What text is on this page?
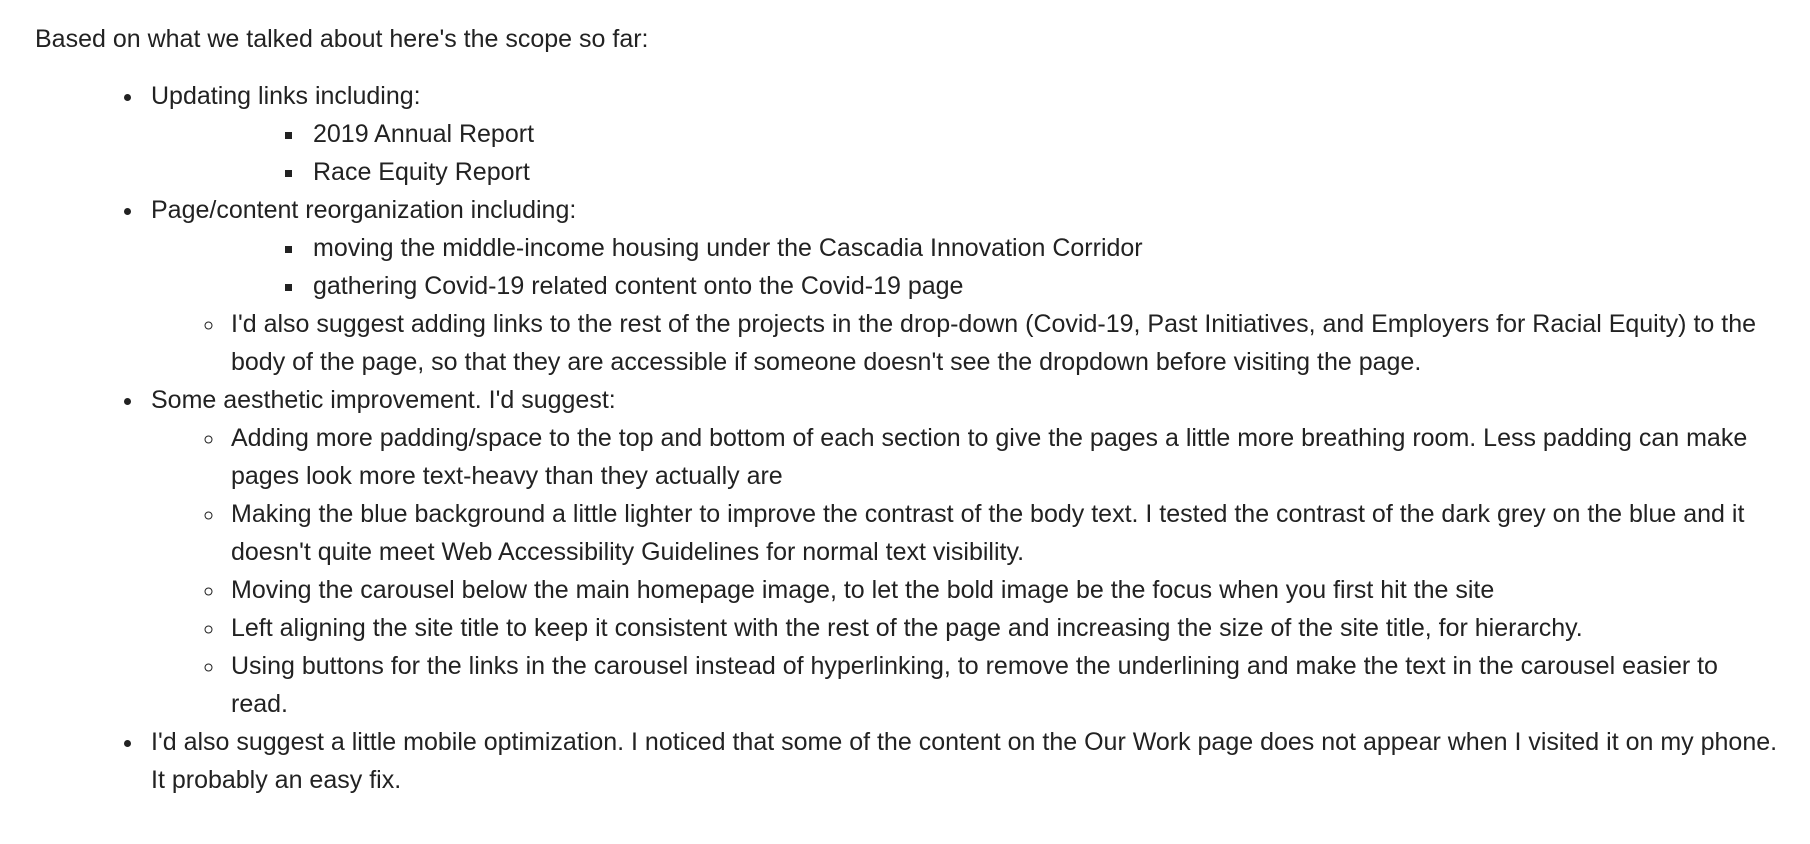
Based on what we talked about here's the scope so far:

• Updating links including:
▪ 2019 Annual Report
▪ Race Equity Report
• Page/content reorganization including:
▪ moving the middle-income housing under the Cascadia Innovation Corridor
▪ gathering Covid-19 related content onto the Covid-19 page
◦ I'd also suggest adding links to the rest of the projects in the drop-down (Covid-19, Past Initiatives, and Employers for Racial Equity) to the body of the page, so that they are accessible if someone doesn't see the dropdown before visiting the page.
• Some aesthetic improvement. I'd suggest:
◦ Adding more padding/space to the top and bottom of each section to give the pages a little more breathing room. Less padding can make pages look more text-heavy than they actually are
◦ Making the blue background a little lighter to improve the contrast of the body text. I tested the contrast of the dark grey on the blue and it doesn't quite meet Web Accessibility Guidelines for normal text visibility.
◦ Moving the carousel below the main homepage image, to let the bold image be the focus when you first hit the site
◦ Left aligning the site title to keep it consistent with the rest of the page and increasing the size of the site title, for hierarchy.
◦ Using buttons for the links in the carousel instead of hyperlinking, to remove the underlining and make the text in the carousel easier to read.
• I'd also suggest a little mobile optimization. I noticed that some of the content on the Our Work page does not appear when I visited it on my phone. It probably an easy fix.
